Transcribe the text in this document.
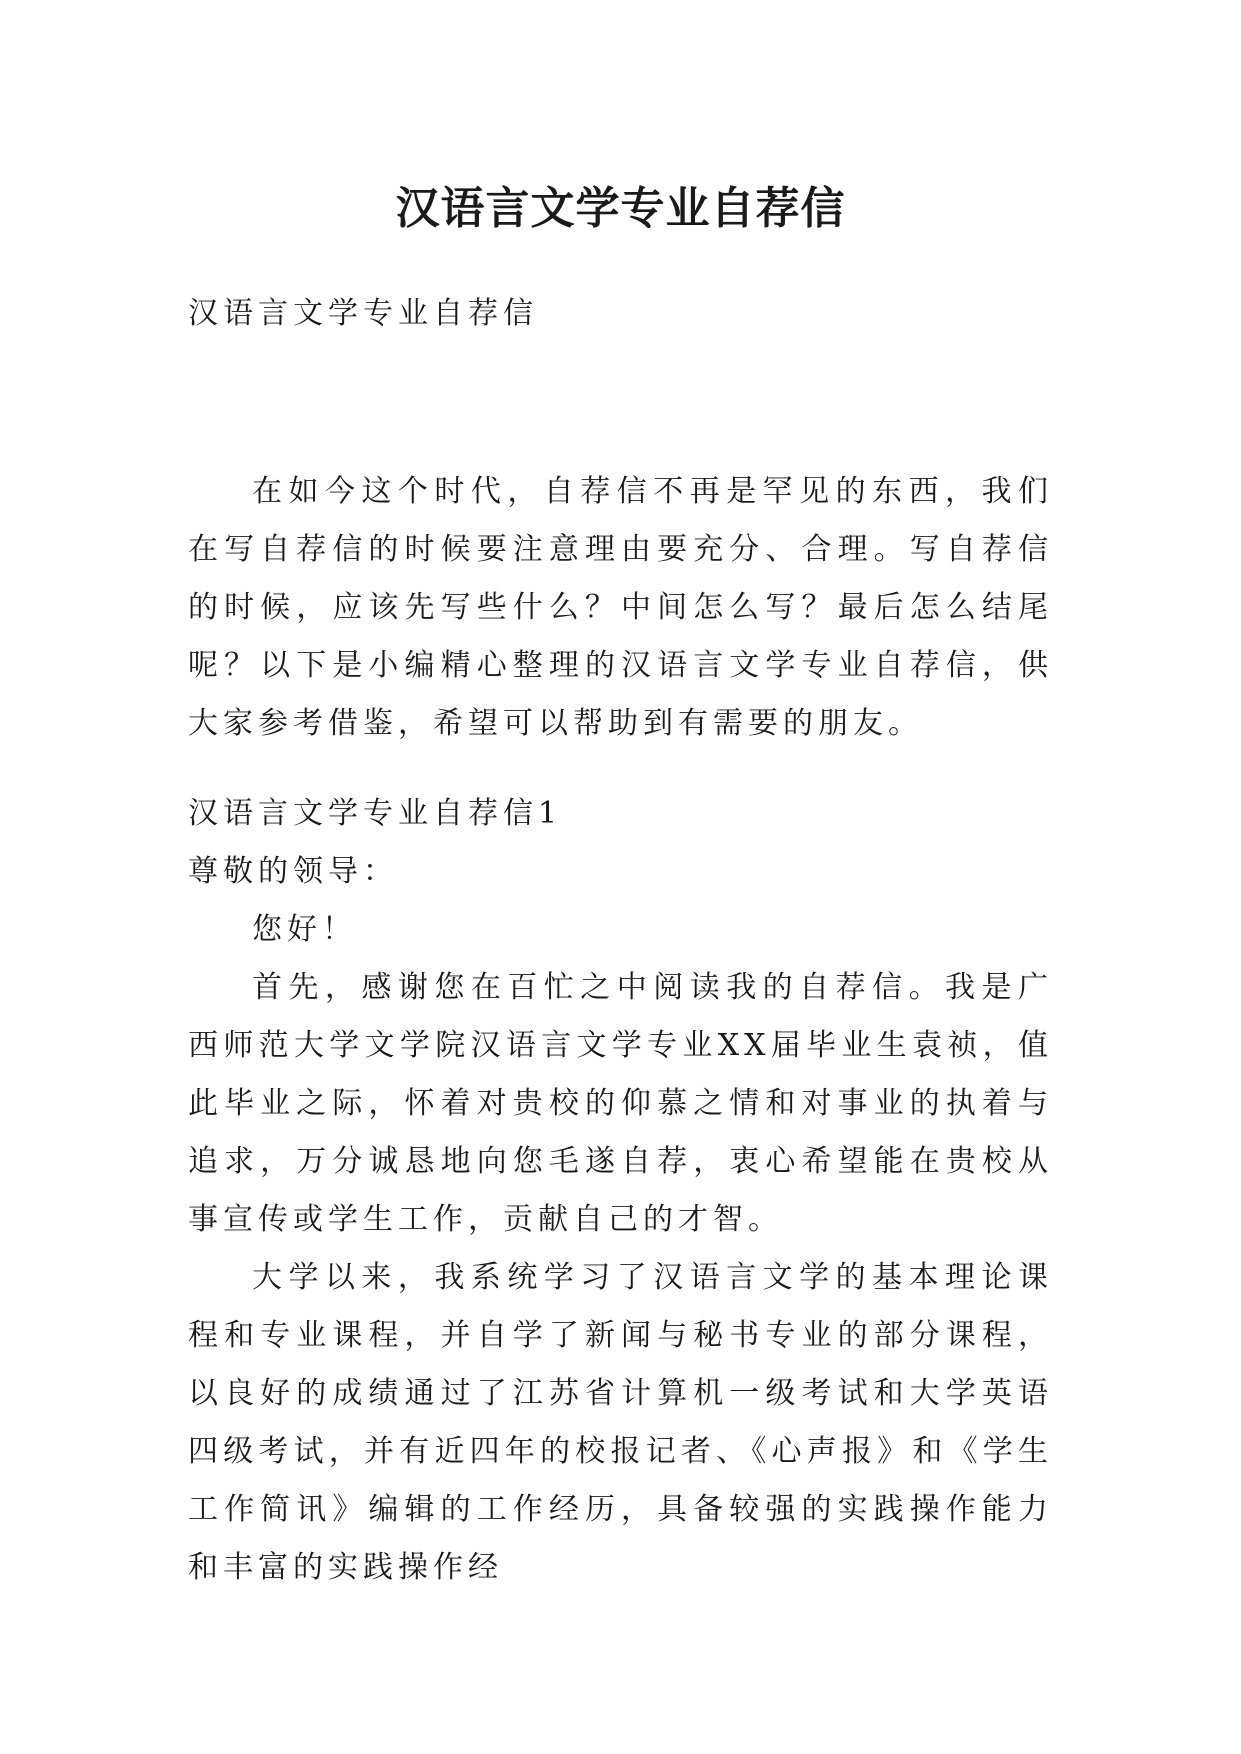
汉语言文学专业自荐信

汉语言文学专业自荐信

在如今这个时代，自荐信不再是罕见的东西，我们在写自荐信的时候要注意理由要充分、合理。写自荐信的时候，应该先写些什么？中间怎么写？最后怎么结尾呢？以下是小编精心整理的汉语言文学专业自荐信，供大家参考借鉴，希望可以帮助到有需要的朋友。

汉语言文学专业自荐信1

尊敬的领导：

您好！

首先，感谢您在百忙之中阅读我的自荐信。我是广西师范大学文学院汉语言文学专业XX届毕业生袁祯，值此毕业之际，怀着对贵校的仰慕之情和对事业的执着与追求，万分诚恳地向您毛遂自荐，衷心希望能在贵校从事宣传或学生工作，贡献自己的才智。

大学以来，我系统学习了汉语言文学的基本理论课程和专业课程，并自学了新闻与秘书专业的部分课程，以良好的成绩通过了江苏省计算机一级考试和大学英语四级考试，并有近四年的校报记者、《心声报》和《学生工作简讯》编辑的工作经历，具备较强的实践操作能力和丰富的实践操作经
